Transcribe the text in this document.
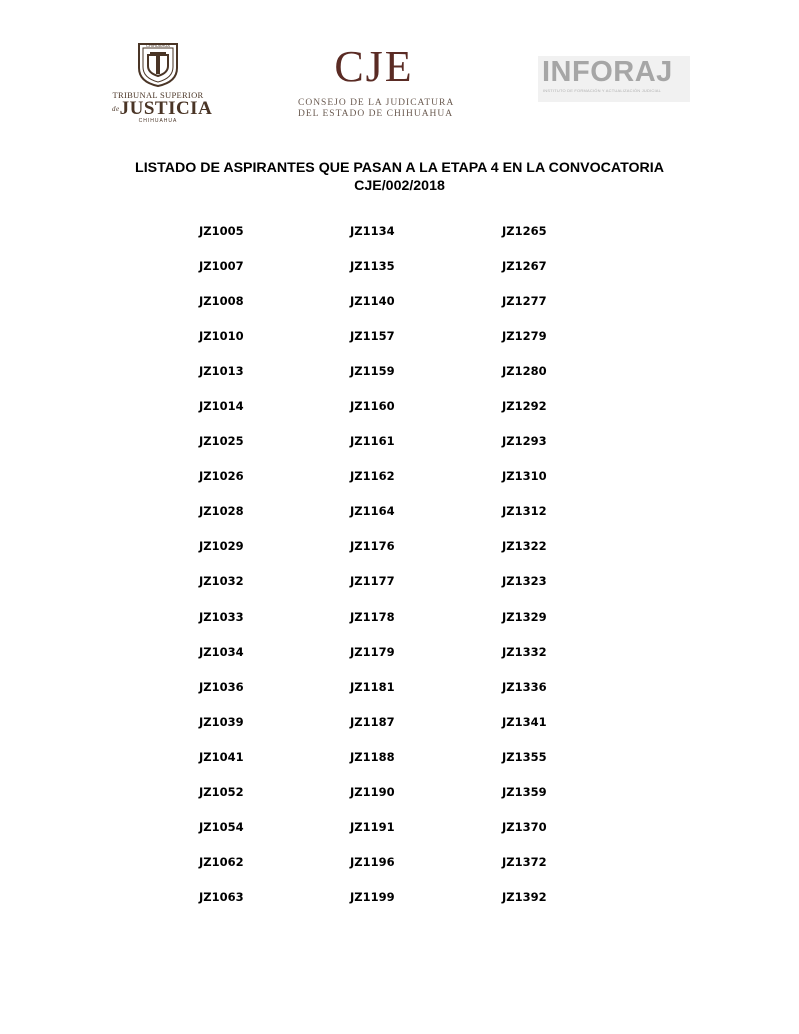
CHIHUAHUA
TRIBUNAL SUPERIOR
$^{de}$JUSTICIA
CHIHUAHUA
CJE
CONSEJO DE LA JUDICATURA
DEL ESTADO DE CHIHUAHUA
INFORAJ
INSTITUTO DE FORMACIÓN Y ACTUALIZACIÓN JUDICIAL
LISTADO DE ASPIRANTES QUE PASAN A LA ETAPA 4 EN LA CONVOCATORIA
CJE/002/2018
JZ1005	JZ1134	JZ1265
JZ1007	JZ1135	JZ1267
JZ1008	JZ1140	JZ1277
JZ1010	JZ1157	JZ1279
JZ1013	JZ1159	JZ1280
JZ1014	JZ1160	JZ1292
JZ1025	JZ1161	JZ1293
JZ1026	JZ1162	JZ1310
JZ1028	JZ1164	JZ1312
JZ1029	JZ1176	JZ1322
JZ1032	JZ1177	JZ1323
JZ1033	JZ1178	JZ1329
JZ1034	JZ1179	JZ1332
JZ1036	JZ1181	JZ1336
JZ1039	JZ1187	JZ1341
JZ1041	JZ1188	JZ1355
JZ1052	JZ1190	JZ1359
JZ1054	JZ1191	JZ1370
JZ1062	JZ1196	JZ1372
JZ1063	JZ1199	JZ1392
